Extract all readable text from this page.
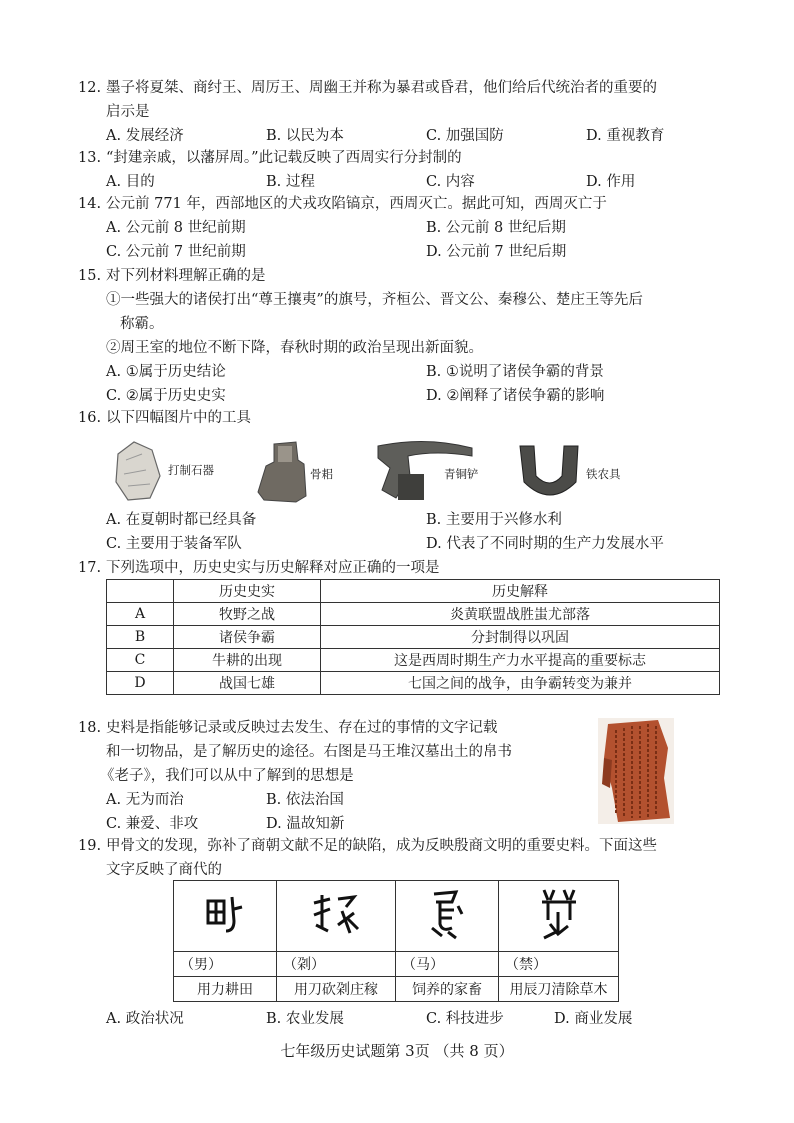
12. 墨子将夏桀、商纣王、周厉王、周幽王并称为暴君或昏君，他们给后代统治者的重要的
启示是
A. 发展经济	B. 以民为本	C. 加强国防	D. 重视教育
13. “封建亲戚，以藩屏周。”此记载反映了西周实行分封制的
A. 目的	B. 过程	C. 内容	D. 作用
14. 公元前 771 年，西部地区的犬戎攻陷镐京，西周灭亡。据此可知，西周灭亡于
A. 公元前 8 世纪前期	B. 公元前 8 世纪后期
C. 公元前 7 世纪前期	D. 公元前 7 世纪后期
15. 对下列材料理解正确的是
①一些强大的诸侯打出“尊王攘夷”的旗号，齐桓公、晋文公、秦穆公、楚庄王等先后
称霸。
②周王室的地位不断下降，春秋时期的政治呈现出新面貌。
A. ①属于历史结论	B. ①说明了诸侯争霸的背景
C. ②属于历史史实	D. ②阐释了诸侯争霸的影响
16. 以下四幅图片中的工具
打制石器	骨耜	青铜铲	铁农具
A. 在夏朝时都已经具备	B. 主要用于兴修水利
C. 主要用于装备军队	D. 代表了不同时期的生产力发展水平
17. 下列选项中，历史史实与历史解释对应正确的一项是
	历史史实	历史解释
A	牧野之战	炎黄联盟战胜蚩尤部落
B	诸侯争霸	分封制得以巩固
C	牛耕的出现	这是西周时期生产力水平提高的重要标志
D	战国七雄	七国之间的战争，由争霸转变为兼并
18. 史料是指能够记录或反映过去发生、存在过的事情的文字记载
和一切物品，是了解历史的途径。右图是马王堆汉墓出土的帛书
《老子》，我们可以从中了解到的思想是
A. 无为而治	B. 依法治国
C. 兼爱、非攻	D. 温故知新
19. 甲骨文的发现，弥补了商朝文献不足的缺陷，成为反映殷商文明的重要史料。下面这些
文字反映了商代的

（男）	（刴）	（马）	（禁）
用力耕田	用刀砍刴庄稼	饲养的家畜	用辰刀清除草木
A. 政治状况	B. 农业发展	C. 科技进步	D. 商业发展
七年级历史试题第 3页 （共 8 页）
